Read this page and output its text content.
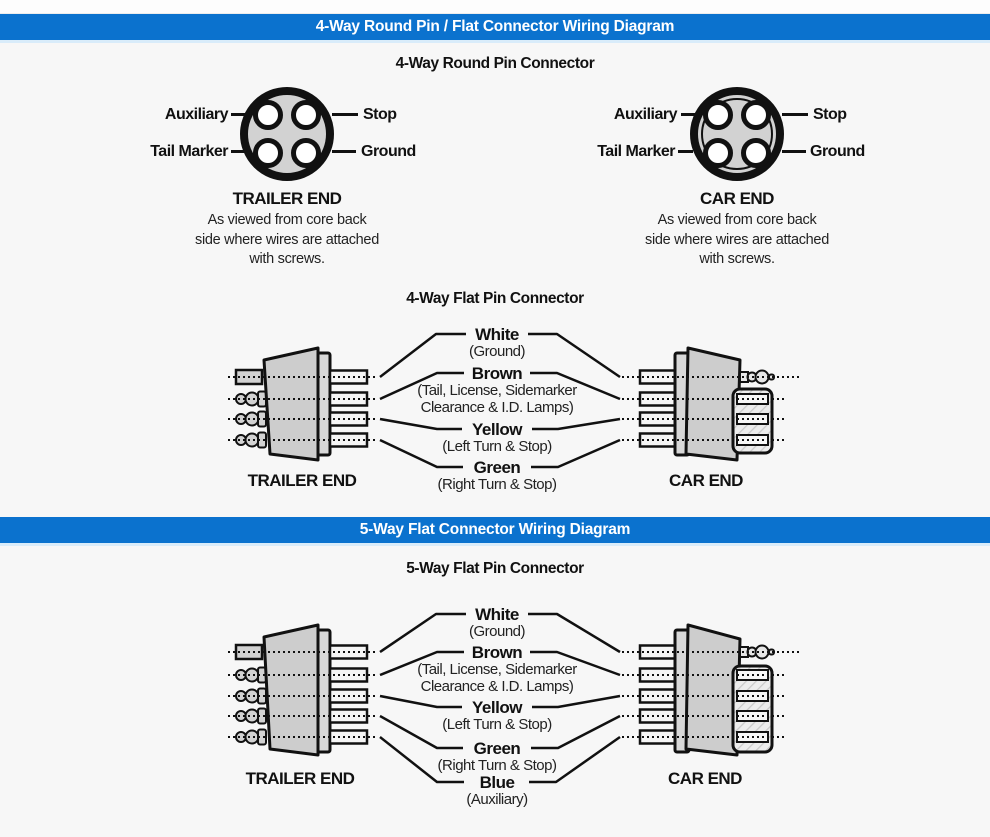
4-Way Round Pin / Flat Connector Wiring Diagram
4-Way Round Pin Connector
Auxiliary	Stop
Tail Marker	Ground
TRAILER END
As viewed from core back
side where wires are attached
with screws.
Auxiliary	Stop
Tail Marker	Ground
CAR END
As viewed from core back
side where wires are attached
with screws.
4-Way Flat Pin Connector
White
(Ground)
Brown
(Tail, License, Sidemarker
Clearance & I.D. Lamps)
Yellow
(Left Turn & Stop)
Green
(Right Turn & Stop)
TRAILER END	CAR END
5-Way Flat Connector Wiring Diagram
5-Way Flat Pin Connector
White
(Ground)
Brown
(Tail, License, Sidemarker
Clearance & I.D. Lamps)
Yellow
(Left Turn & Stop)
Green
(Right Turn & Stop)
Blue
(Auxiliary)
TRAILER END	CAR END
